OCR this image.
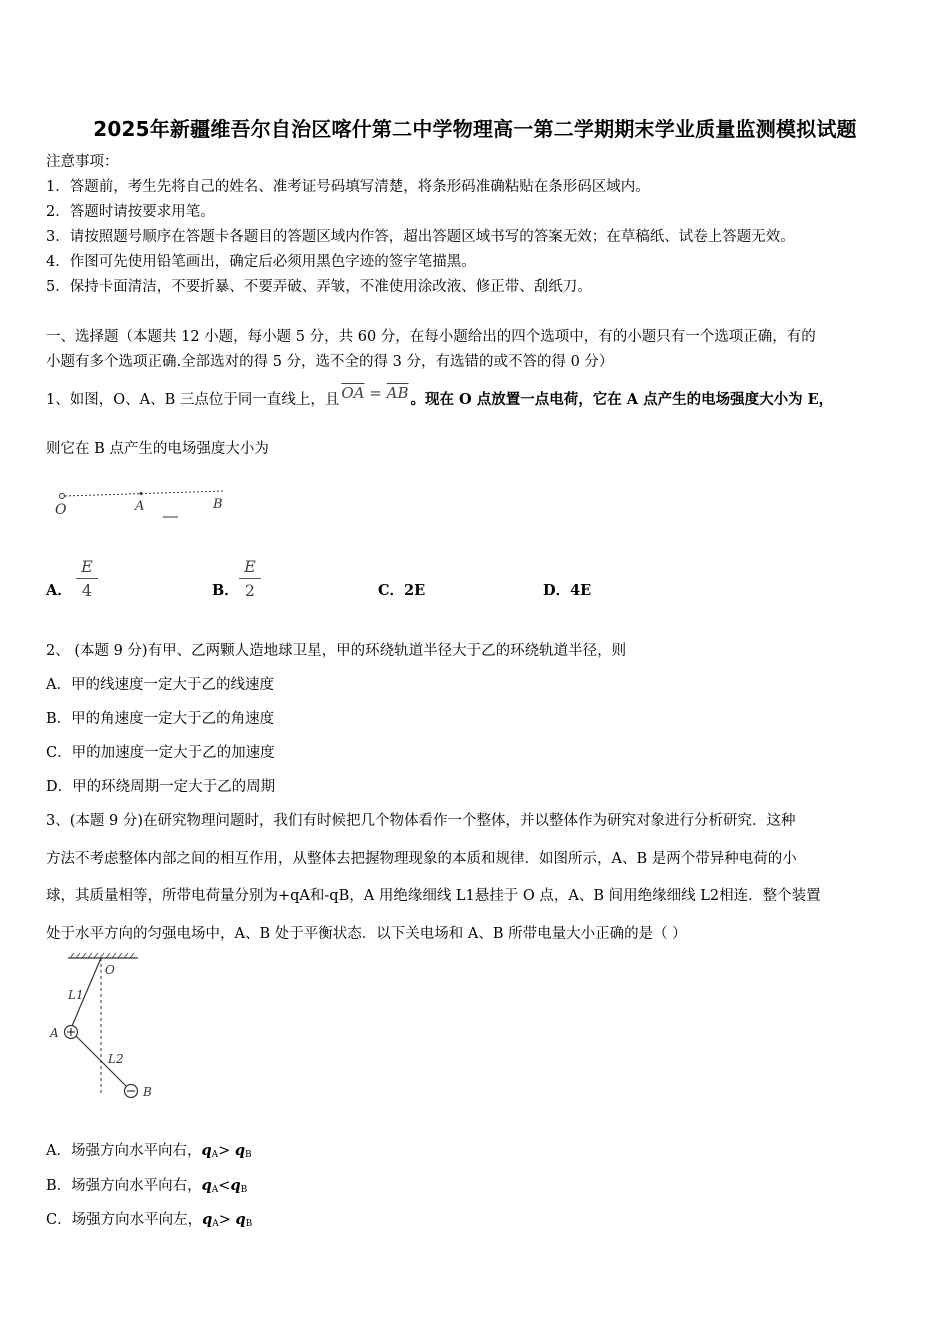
2025年新疆维吾尔自治区喀什第二中学物理高一第二学期期末学业质量监测模拟试题
注意事项：
1．答题前，考生先将自己的姓名、准考证号码填写清楚，将条形码准确粘贴在条形码区域内。
2．答题时请按要求用笔。
3．请按照题号顺序在答题卡各题目的答题区域内作答，超出答题区域书写的答案无效；在草稿纸、试卷上答题无效。
4．作图可先使用铅笔画出，确定后必须用黑色字迹的签字笔描黑。
5．保持卡面清洁，不要折暴、不要弄破、弄皱，不准使用涂改液、修正带、刮纸刀。
一、选择题（本题共 12 小题，每小题 5 分，共 60 分，在每小题给出的四个选项中，有的小题只有一个选项正确，有的
小题有多个选项正确.全部选对的得 5 分，选不全的得 3 分，有选错的或不答的得 0 分）
1、如图，O、A、B 三点位于同一直线上，且 $\overline{OA} = \overline{AB}$ 。现在 O 点放置一点电荷，它在 A 点产生的电场强度大小为 E，
则它在 B 点产生的电场强度大小为
O	A	B
A．
E
4	B．
E
2	C．2E	D．4E
2、 (本题 9 分)有甲、乙两颗人造地球卫星，甲的环绕轨道半径大于乙的环绕轨道半径，则
A．甲的线速度一定大于乙的线速度
B．甲的角速度一定大于乙的角速度
C．甲的加速度一定大于乙的加速度
D．甲的环绕周期一定大于乙的周期
3、(本题 9 分)在研究物理问题时，我们有时候把几个物体看作一个整体，并以整体作为研究对象进行分析研究．这种
方法不考虑整体内部之间的相互作用，从整体去把握物理现象的本质和规律．如图所示，A、B 是两个带异种电荷的小
球，其质量相等，所带电荷量分别为+qA和-qB，A 用绝缘细线 L1悬挂于 O 点，A、B 间用绝缘细线 L2相连．整个装置
处于水平方向的匀强电场中，A、B 处于平衡状态．以下关电场和 A、B 所带电量大小正确的是（ ）
O
L1
A
L2
B
A．场强方向水平向右，$q_A> q_B$
B．场强方向水平向右，$q_A<q_B$
C．场强方向水平向左，$q_A> q_B$
